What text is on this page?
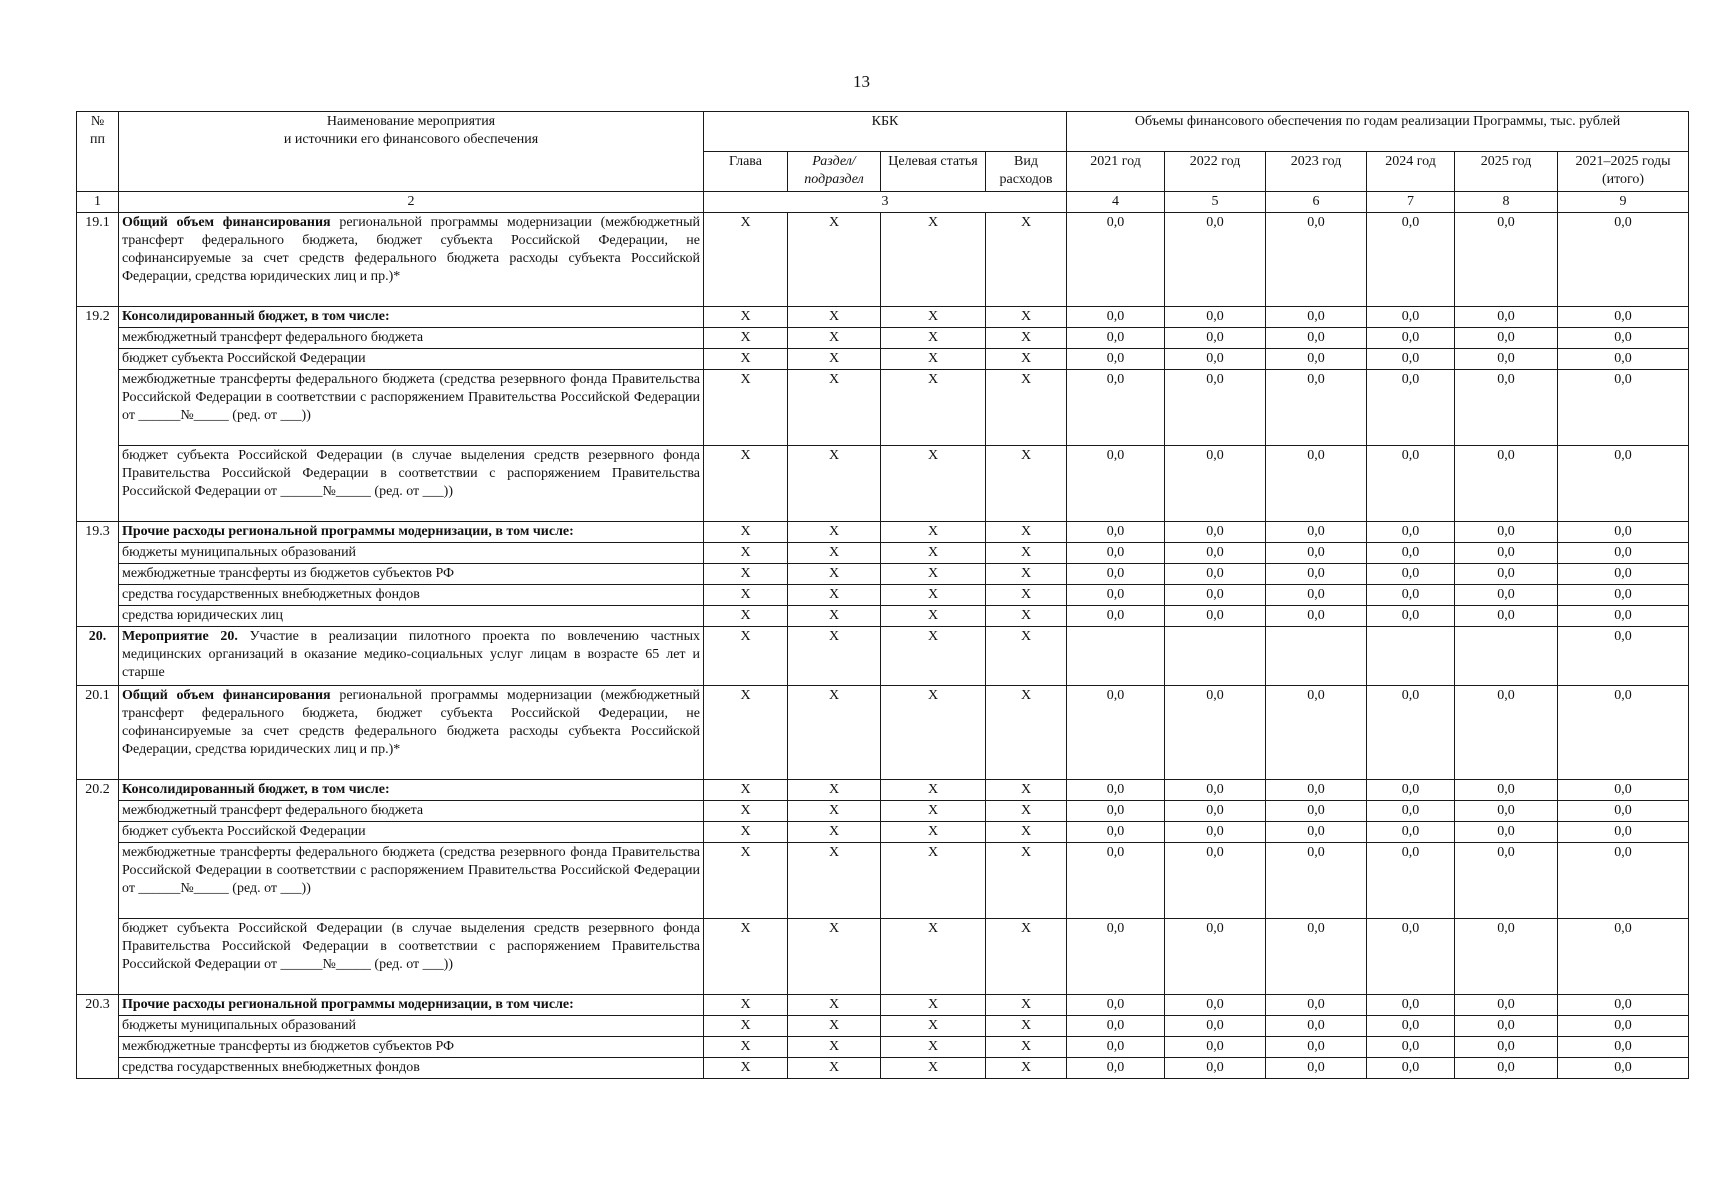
13
№
пп	Наименование мероприятия
и источники его финансового обеспечения	КБК				Объемы финансового обеспечения по годам реализации Программы, тыс. рублей					
		Глава	Раздел/ подраздел	Целевая статья	Вид расходов	2021 год	2022 год	2023 год	2024 год	2025 год	2021–2025 годы (итого)
1	2	3				4	5	6	7	8	9
19.1	Общий объем финансирования региональной программы модернизации (межбюджетный трансферт федерального бюджета, бюджет субъекта Российской Федерации, не софинансируемые за счет средств федерального бюджета расходы субъекта Российской Федерации, средства юридических лиц и пр.)*	X	X	X	X	0,0	0,0	0,0	0,0	0,0	0,0
19.2	Консолидированный бюджет, в том числе:	X	X	X	X	0,0	0,0	0,0	0,0	0,0	0,0
	межбюджетный трансферт федерального бюджета	X	X	X	X	0,0	0,0	0,0	0,0	0,0	0,0
	бюджет субъекта Российской Федерации	X	X	X	X	0,0	0,0	0,0	0,0	0,0	0,0
	межбюджетные трансферты федерального бюджета (средства резервного фонда Правительства Российской Федерации в соответствии с распоряжением Правительства Российской Федерации от ______№_____ (ред. от ___))	X	X	X	X	0,0	0,0	0,0	0,0	0,0	0,0
	бюджет субъекта Российской Федерации (в случае выделения средств резервного фонда Правительства Российской Федерации в соответствии с распоряжением Правительства Российской Федерации от ______№_____ (ред. от ___))	X	X	X	X	0,0	0,0	0,0	0,0	0,0	0,0
19.3	Прочие расходы региональной программы модернизации, в том числе:	X	X	X	X	0,0	0,0	0,0	0,0	0,0	0,0
	бюджеты муниципальных образований	X	X	X	X	0,0	0,0	0,0	0,0	0,0	0,0
	межбюджетные трансферты из бюджетов субъектов РФ	X	X	X	X	0,0	0,0	0,0	0,0	0,0	0,0
	средства государственных внебюджетных фондов	X	X	X	X	0,0	0,0	0,0	0,0	0,0	0,0
	средства юридических лиц	X	X	X	X	0,0	0,0	0,0	0,0	0,0	0,0
20.	Мероприятие 20. Участие в реализации пилотного проекта по вовлечению частных медицинских организаций в оказание медико-социальных услуг лицам в возрасте 65 лет и старше	X	X	X	X						0,0
20.1	Общий объем финансирования региональной программы модернизации (межбюджетный трансферт федерального бюджета, бюджет субъекта Российской Федерации, не софинансируемые за счет средств федерального бюджета расходы субъекта Российской Федерации, средства юридических лиц и пр.)*	X	X	X	X	0,0	0,0	0,0	0,0	0,0	0,0
20.2	Консолидированный бюджет, в том числе:	X	X	X	X	0,0	0,0	0,0	0,0	0,0	0,0
	межбюджетный трансферт федерального бюджета	X	X	X	X	0,0	0,0	0,0	0,0	0,0	0,0
	бюджет субъекта Российской Федерации	X	X	X	X	0,0	0,0	0,0	0,0	0,0	0,0
	межбюджетные трансферты федерального бюджета (средства резервного фонда Правительства Российской Федерации в соответствии с распоряжением Правительства Российской Федерации от ______№_____ (ред. от ___))	X	X	X	X	0,0	0,0	0,0	0,0	0,0	0,0
	бюджет субъекта Российской Федерации (в случае выделения средств резервного фонда Правительства Российской Федерации в соответствии с распоряжением Правительства Российской Федерации от ______№_____ (ред. от ___))	X	X	X	X	0,0	0,0	0,0	0,0	0,0	0,0
20.3	Прочие расходы региональной программы модернизации, в том числе:	X	X	X	X	0,0	0,0	0,0	0,0	0,0	0,0
	бюджеты муниципальных образований	X	X	X	X	0,0	0,0	0,0	0,0	0,0	0,0
	межбюджетные трансферты из бюджетов субъектов РФ	X	X	X	X	0,0	0,0	0,0	0,0	0,0	0,0
	средства государственных внебюджетных фондов	X	X	X	X	0,0	0,0	0,0	0,0	0,0	0,0
